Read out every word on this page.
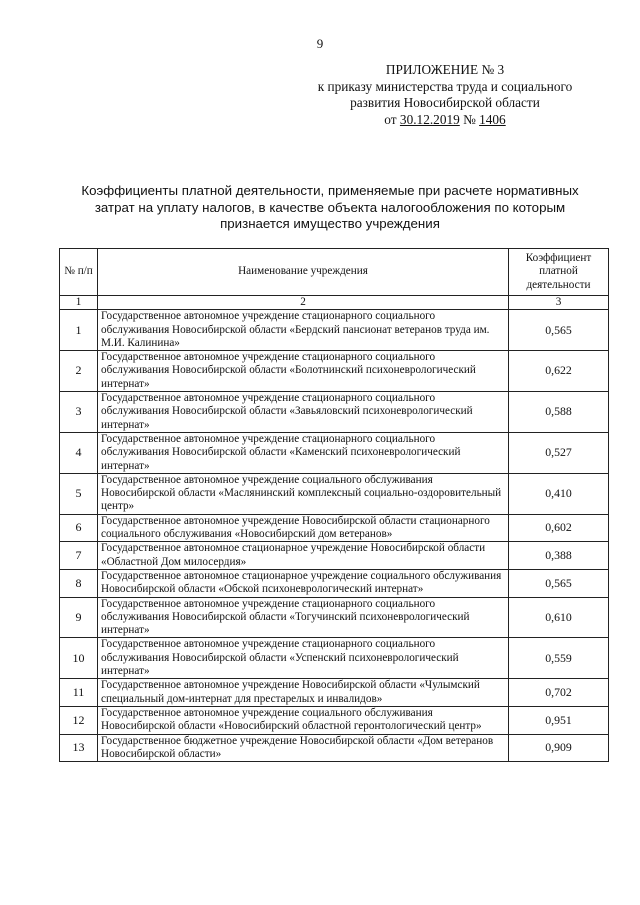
9
ПРИЛОЖЕНИЕ № 3
к приказу министерства труда и социального
развития Новосибирской области
от 30.12.2019 № 1406
Коэффициенты платной деятельности, применяемые при расчете нормативных затрат на уплату налогов, в качестве объекта налогообложения по которым признается имущество учреждения
№ п/п	Наименование учреждения	Коэффициент платной деятельности
1	2	3
1	Государственное автономное учреждение стационарного социального обслуживания Новосибирской области «Бердский пансионат ветеранов труда им. М.И. Калинина»	0,565
2	Государственное автономное учреждение стационарного социального обслуживания Новосибирской области «Болотнинский психоневрологический интернат»	0,622
3	Государственное автономное учреждение стационарного социального обслуживания Новосибирской области «Завьяловский психоневрологический интернат»	0,588
4	Государственное автономное учреждение стационарного социального обслуживания Новосибирской области «Каменский психоневрологический интернат»	0,527
5	Государственное автономное учреждение социального обслуживания Новосибирской области «Маслянинский комплексный социально-оздоровительный центр»	0,410
6	Государственное автономное учреждение Новосибирской области стационарного социального обслуживания «Новосибирский дом ветеранов»	0,602
7	Государственное автономное стационарное учреждение Новосибирской области «Областной Дом милосердия»	0,388
8	Государственное автономное стационарное учреждение социального обслуживания Новосибирской области «Обской психоневрологический интернат»	0,565
9	Государственное автономное учреждение стационарного социального обслуживания Новосибирской области «Тогучинский психоневрологический интернат»	0,610
10	Государственное автономное учреждение стационарного социального обслуживания Новосибирской области «Успенский психоневрологический интернат»	0,559
11	Государственное автономное учреждение Новосибирской области «Чулымский специальный дом-интернат для престарелых и инвалидов»	0,702
12	Государственное автономное учреждение социального обслуживания Новосибирской области «Новосибирский областной геронтологический центр»	0,951
13	Государственное бюджетное учреждение Новосибирской области «Дом ветеранов Новосибирской области»	0,909
